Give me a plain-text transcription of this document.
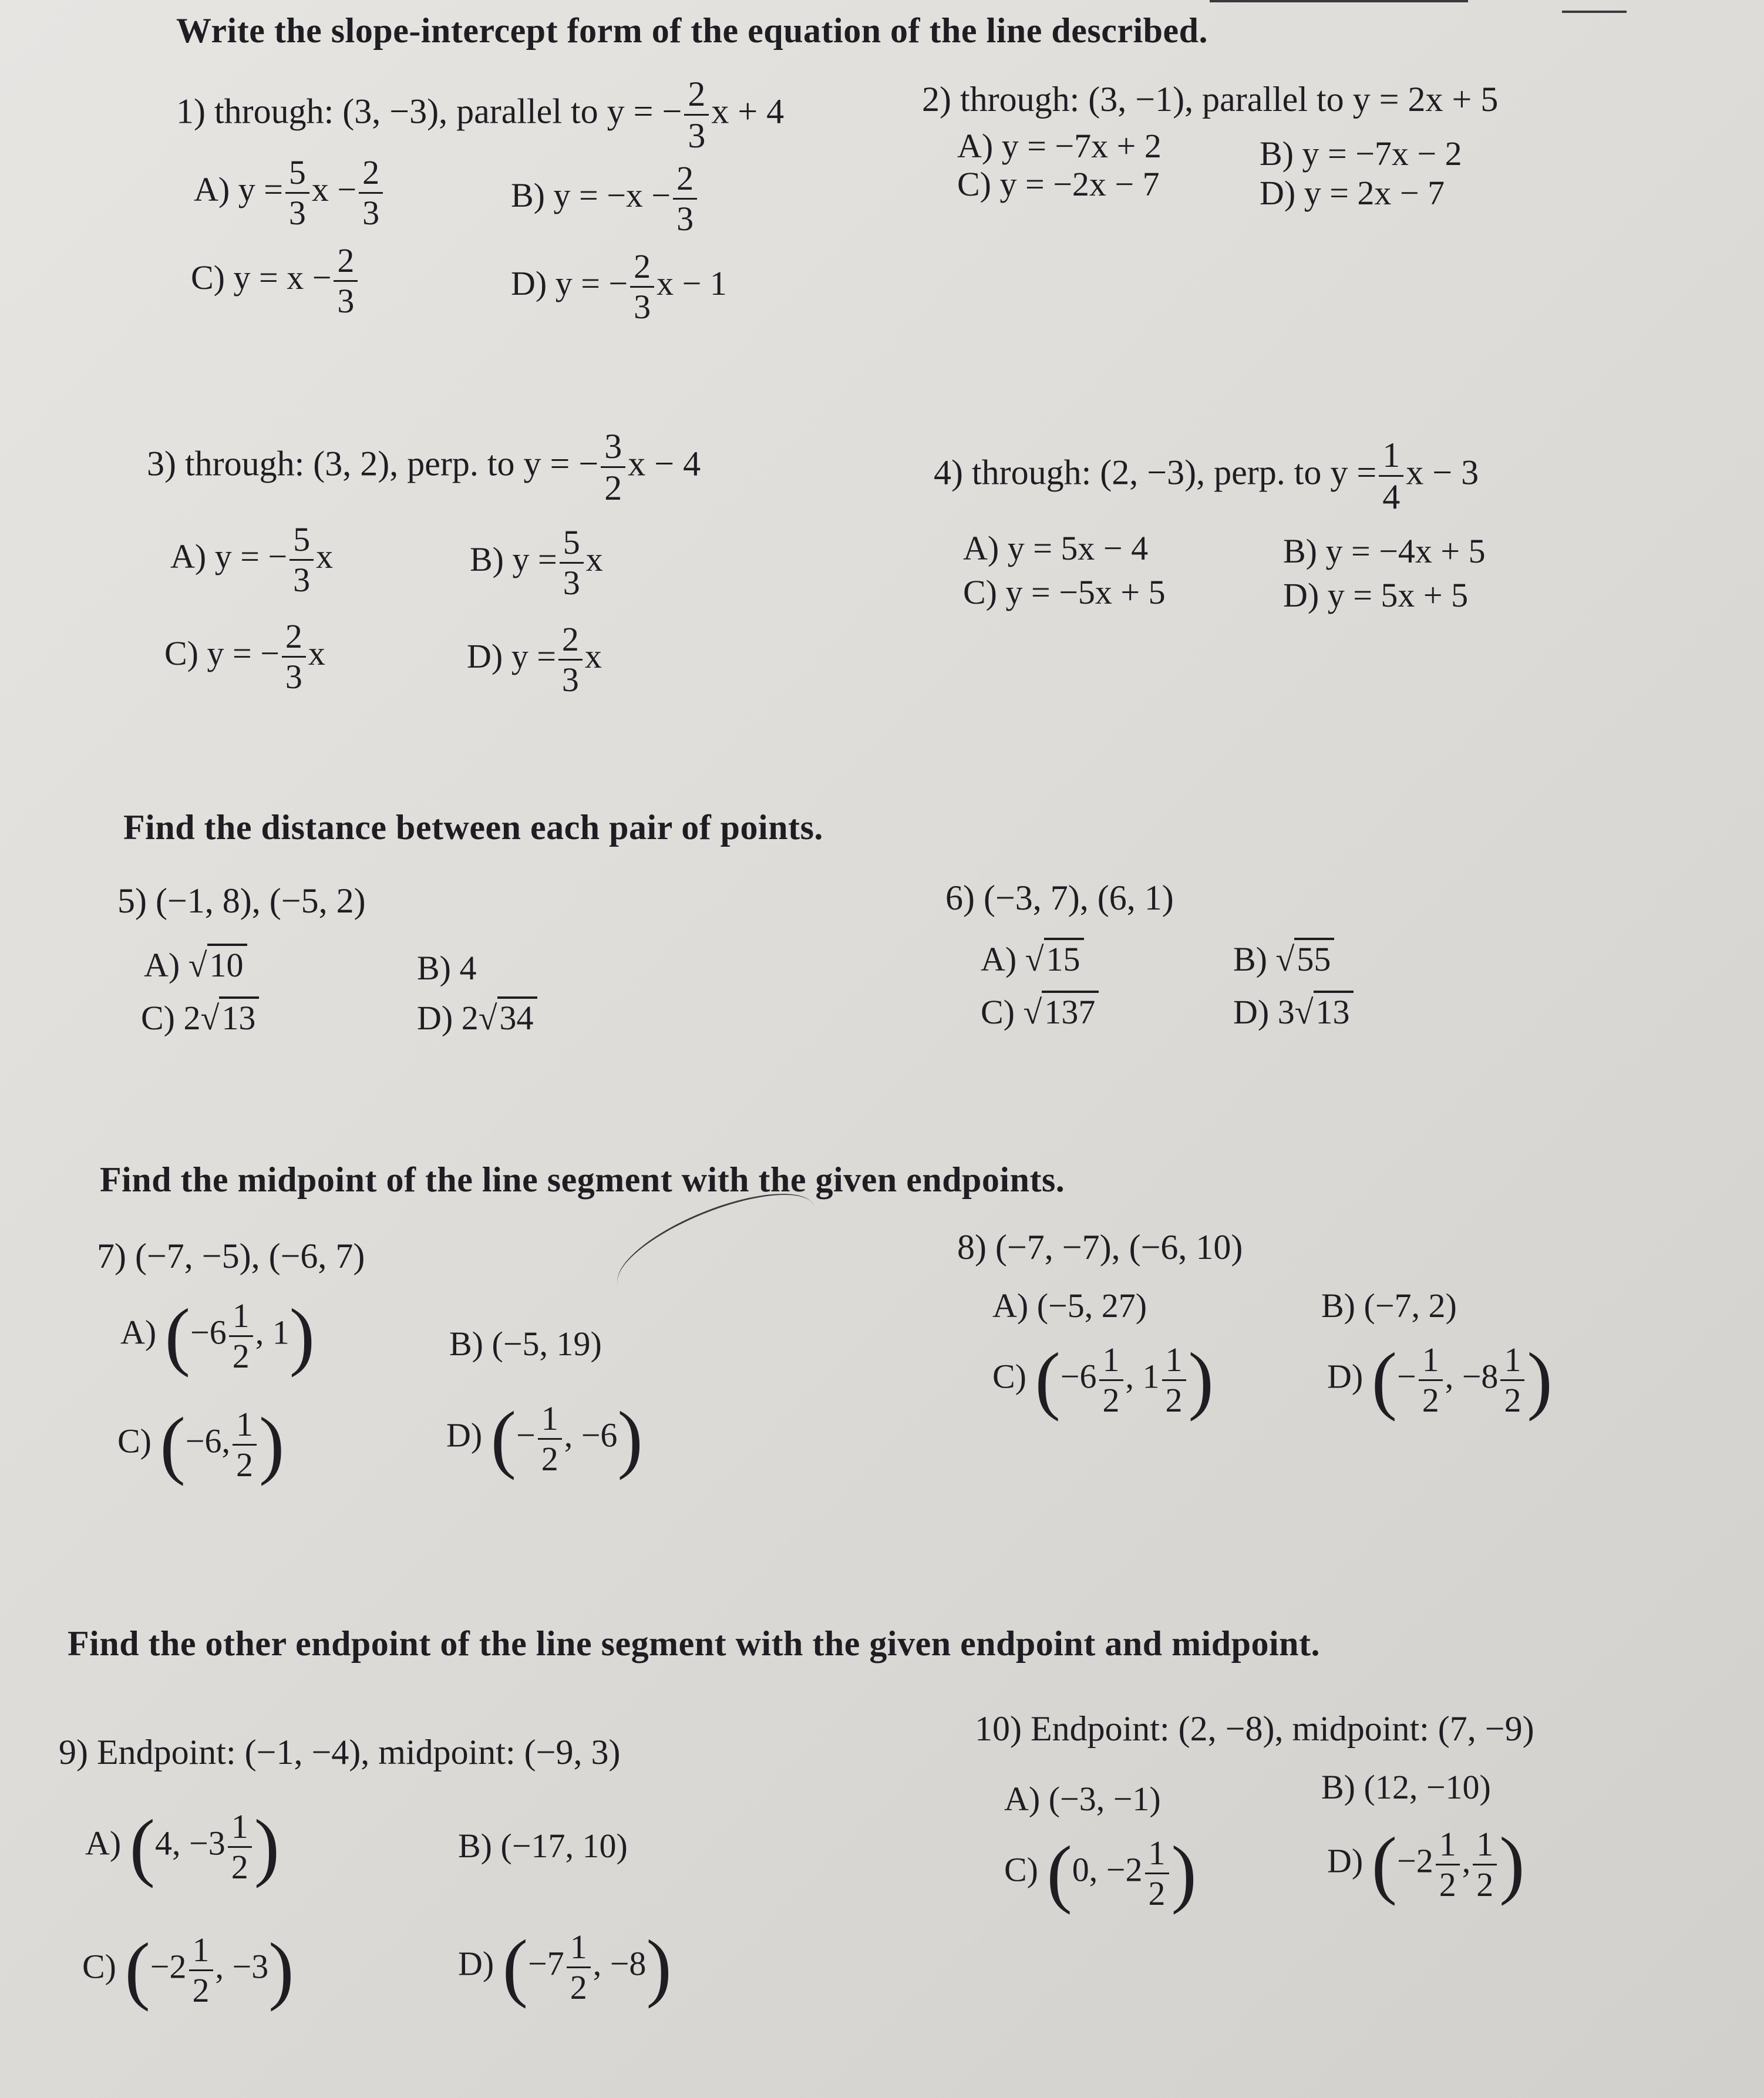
Write the slope-intercept form of the equation of the line described.
1) through: (3, −3), parallel to y = − $\frac{2}{3}$ x + 4
A) $y = \frac{5}{3}$ $x - \frac{2}{3}$	B) $y = -x - \frac{2}{3}$
C) $y = x - \frac{2}{3}$	D) y = − $\frac{2}{3}$ x − 1
2) through: (3, −1), parallel to y = 2x + 5
A) y = −7x + 2	B) y = −7x − 2
C) y = −2x − 7	D) y = 2x − 7
3) through: (3, 2), perp. to y = − $\frac{3}{2}$ x − 4
A) y = − $\frac{5}{3}$ x	B) $y = \frac{5}{3}$ x
C) y = − $\frac{2}{3}$ x	D) $y = \frac{2}{3}$ x
4) through: (2, −3), perp. to $y = \frac{1}{4}$ x − 3
A) y = 5x − 4	B) y = −4x + 5
C) y = −5x + 5	D) y = 5x + 5
Find the distance between each pair of points.
5) (−1, 8), (−5, 2)
A) √10	B) 4
C) 2√13	D) 2√34
6) (−3, 7), (6, 1)
A) √15	B) √55
C) √137	D) 3√13
Find the midpoint of the line segment with the given endpoints.
7) (−7, −5), (−6, 7)
A) ($-6 \frac{1}{2}$ , 1)	B) (−5, 19)
C) (−6, $\frac{1}{2}$ )	D) (− $\frac{1}{2}$ , −6)
8) (−7, −7), (−6, 10)
A) (−5, 27)	B) (−7, 2)
C) ($-6 \frac{1}{2}$ , $1 \frac{1}{2}$ )	D) (− $\frac{1}{2}$ , $-8 \frac{1}{2}$ )
Find the other endpoint of the line segment with the given endpoint and midpoint.
9) Endpoint: (−1, −4), midpoint: (−9, 3)
A) (4, $-3 \frac{1}{2}$ )	B) (−17, 10)
C) ($-2 \frac{1}{2}$ , −3)	D) ($-7 \frac{1}{2}$ , −8)
10) Endpoint: (2, −8), midpoint: (7, −9)
A) (−3, −1)	B) (12, −10)
C) (0, $-2 \frac{1}{2}$ )	D) ($-2 \frac{1}{2}$ , $\frac{1}{2}$ )
